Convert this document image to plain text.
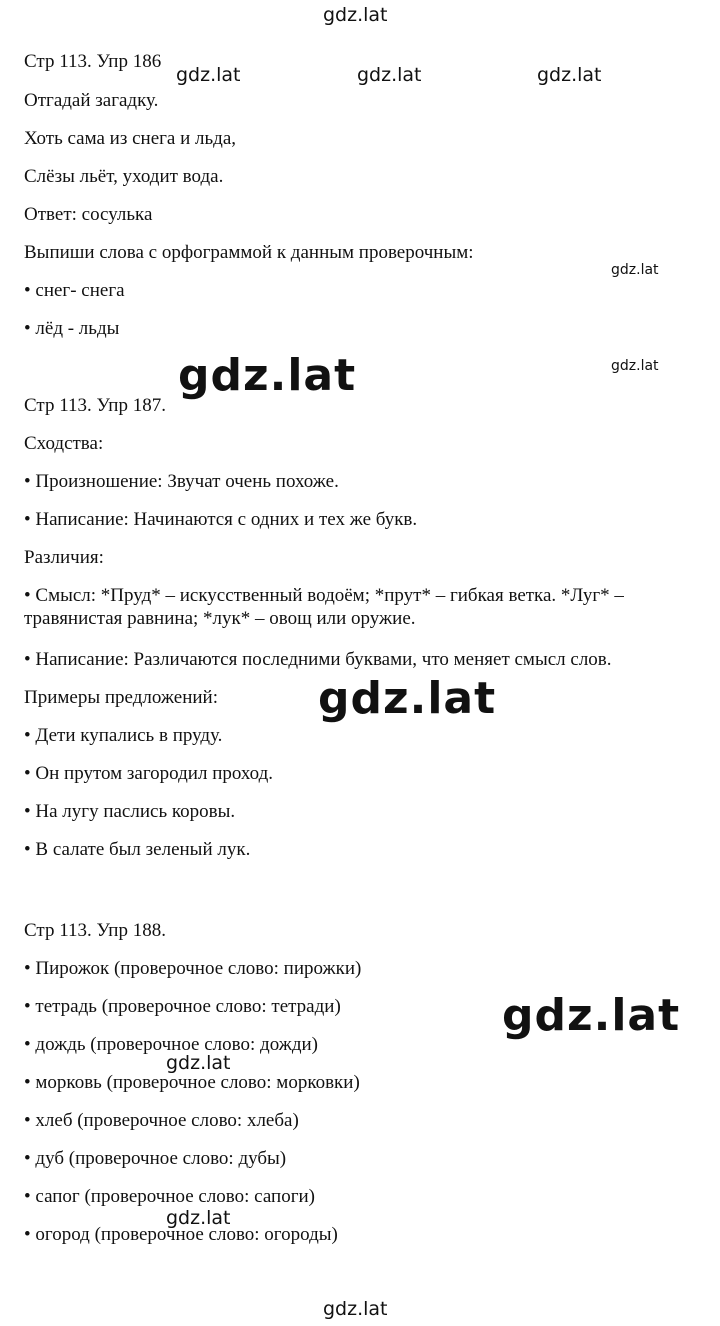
gdz.lat
gdz.lat	gdz.lat	gdz.lat
gdz.lat
gdz.lat
gdz.lat
gdz.lat
gdz.lat
gdz.lat
gdz.lat
gdz.lat
Стр 113. Упр 186
Отгадай загадку.
Хоть сама из снега и льда,
Слёзы льёт, уходит вода.
Ответ: сосулька
Выпиши слова с орфограммой к данным проверочным:
• снег- снега
• лёд - льды
Стр 113. Упр 187.
Сходства:
• Произношение: Звучат очень похоже.
• Написание: Начинаются с одних и тех же букв.
Различия:
• Смысл: *Пруд* – искусственный водоём; *прут* – гибкая ветка. *Луг* – травянистая равнина; *лук* – овощ или оружие.
• Написание: Различаются последними буквами, что меняет смысл слов.
Примеры предложений:
• Дети купались в пруду.
• Он прутом загородил проход.
• На лугу паслись коровы.
• В салате был зеленый лук.
Стр 113. Упр 188.
• Пирожок (проверочное слово: пирожки)
• тетрадь (проверочное слово: тетради)
• дождь (проверочное слово: дожди)
• морковь (проверочное слово: морковки)
• хлеб (проверочное слово: хлеба)
• дуб (проверочное слово: дубы)
• сапог (проверочное слово: сапоги)
• огород (проверочное слово: огороды)
